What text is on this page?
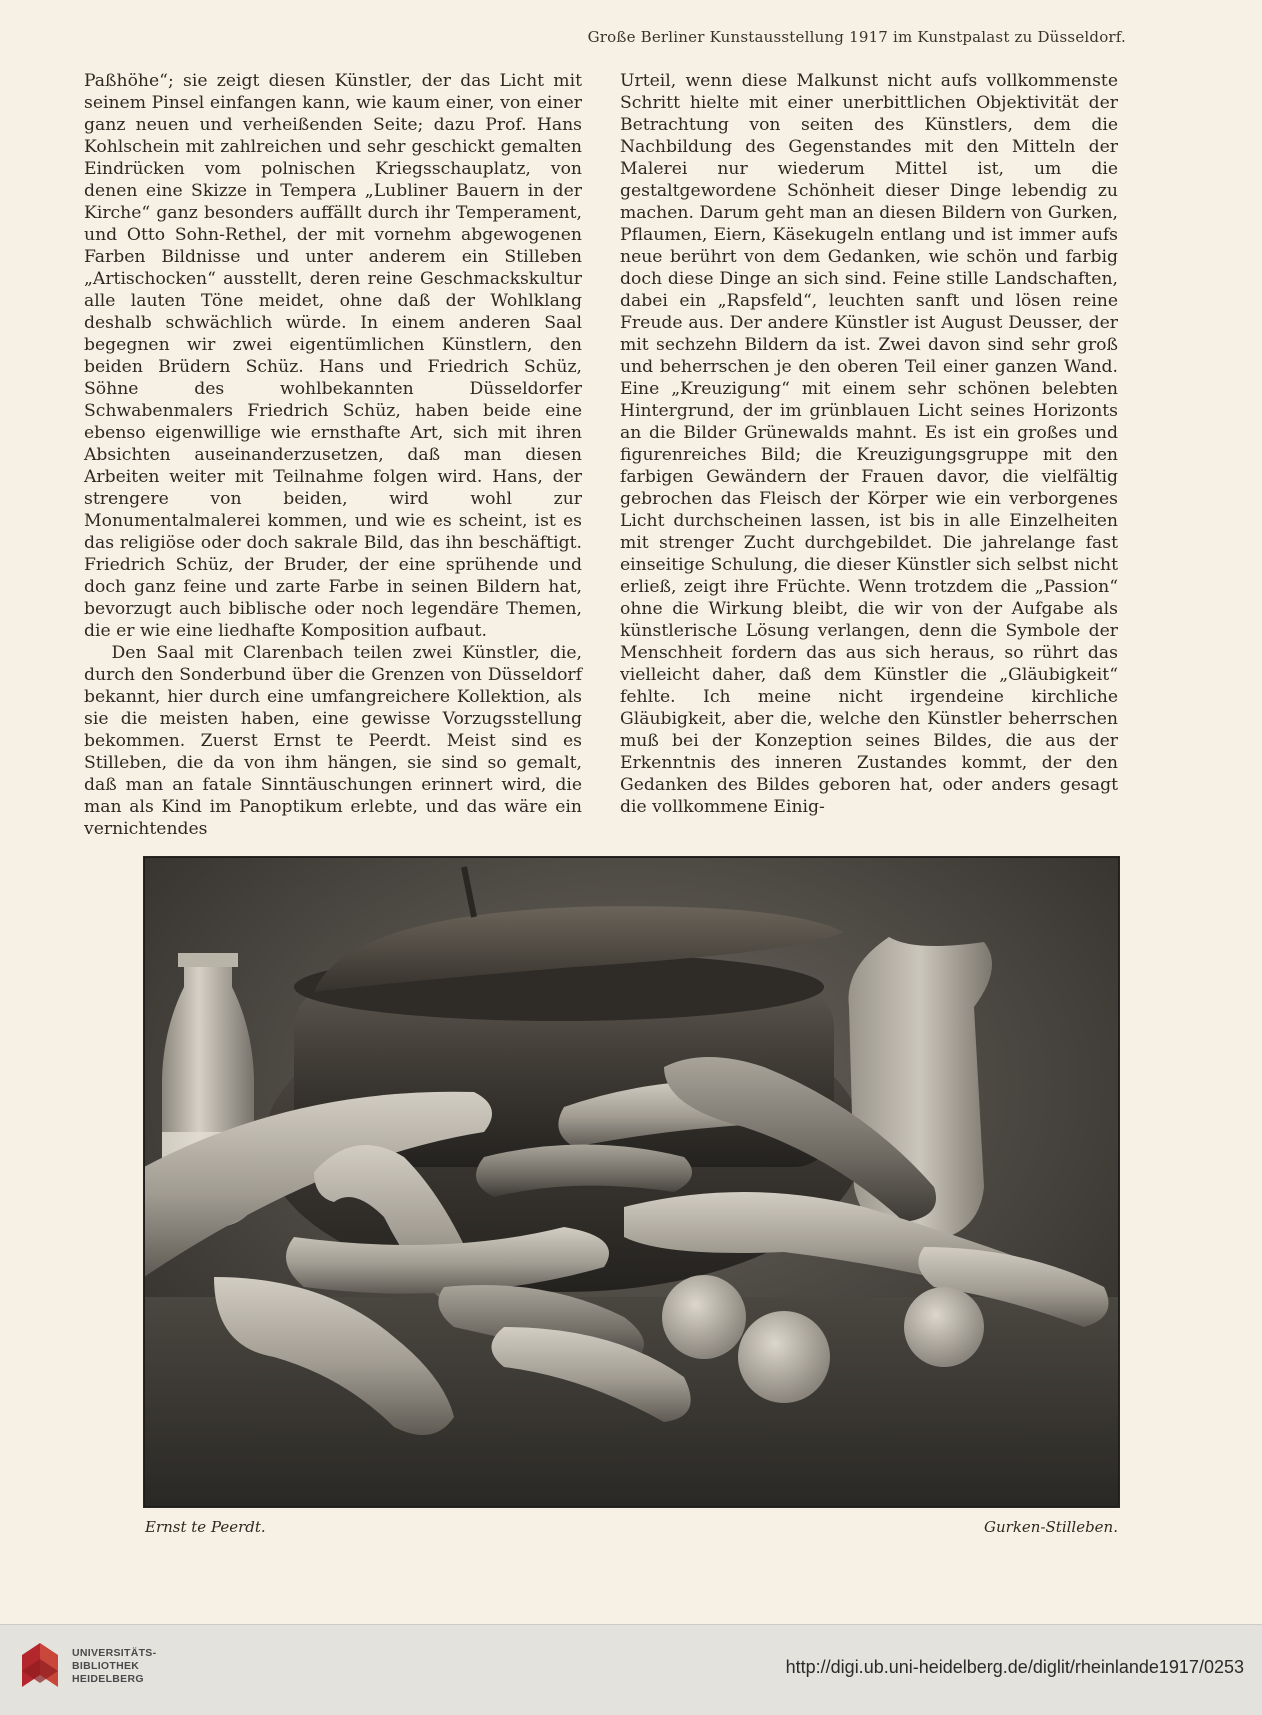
Große Berliner Kunstausstellung 1917 im Kunstpalast zu Düsseldorf.

Paßhöhe“; sie zeigt diesen Künstler, der das Licht mit seinem Pinsel einfangen kann, wie kaum einer, von einer ganz neuen und verheißenden Seite; dazu Prof. Hans Kohlschein mit zahlreichen und sehr geschickt gemalten Eindrücken vom polnischen Kriegsschauplatz, von denen eine Skizze in Tempera „Lubliner Bauern in der Kirche“ ganz besonders auffällt durch ihr Temperament, und Otto Sohn-Rethel, der mit vornehm abgewogenen Farben Bildnisse und unter anderem ein Stilleben „Artischocken“ ausstellt, deren reine Geschmackskultur alle lauten Töne meidet, ohne daß der Wohlklang deshalb schwächlich würde. In einem anderen Saal begegnen wir zwei eigentümlichen Künstlern, den beiden Brüdern Schüz. Hans und Friedrich Schüz, Söhne des wohlbekannten Düsseldorfer Schwabenmalers Friedrich Schüz, haben beide eine ebenso eigenwillige wie ernsthafte Art, sich mit ihren Absichten auseinanderzusetzen, daß man diesen Arbeiten weiter mit Teilnahme folgen wird. Hans, der strengere von beiden, wird wohl zur Monumentalmalerei kommen, und wie es scheint, ist es das religiöse oder doch sakrale Bild, das ihn beschäftigt. Friedrich Schüz, der Bruder, der eine sprühende und doch ganz feine und zarte Farbe in seinen Bildern hat, bevorzugt auch biblische oder noch legendäre Themen, die er wie eine liedhafte Komposition aufbaut.

Den Saal mit Clarenbach teilen zwei Künstler, die, durch den Sonderbund über die Grenzen von Düsseldorf bekannt, hier durch eine umfangreichere Kollektion, als sie die meisten haben, eine gewisse Vorzugsstellung bekommen. Zuerst Ernst te Peerdt. Meist sind es Stilleben, die da von ihm hängen, sie sind so gemalt, daß man an fatale Sinntäuschungen erinnert wird, die man als Kind im Panoptikum erlebte, und das wäre ein vernichtendes

Urteil, wenn diese Malkunst nicht aufs vollkommenste Schritt hielte mit einer unerbittlichen Objektivität der Betrachtung von seiten des Künstlers, dem die Nachbildung des Gegenstandes mit den Mitteln der Malerei nur wiederum Mittel ist, um die gestaltgewordene Schönheit dieser Dinge lebendig zu machen. Darum geht man an diesen Bildern von Gurken, Pflaumen, Eiern, Käsekugeln entlang und ist immer aufs neue berührt von dem Gedanken, wie schön und farbig doch diese Dinge an sich sind. Feine stille Landschaften, dabei ein „Rapsfeld“, leuchten sanft und lösen reine Freude aus. Der andere Künstler ist August Deusser, der mit sechzehn Bildern da ist. Zwei davon sind sehr groß und beherrschen je den oberen Teil einer ganzen Wand. Eine „Kreuzigung“ mit einem sehr schönen belebten Hintergrund, der im grünblauen Licht seines Horizonts an die Bilder Grünewalds mahnt. Es ist ein großes und figurenreiches Bild; die Kreuzigungsgruppe mit den farbigen Gewändern der Frauen davor, die vielfältig gebrochen das Fleisch der Körper wie ein verborgenes Licht durchscheinen lassen, ist bis in alle Einzelheiten mit strenger Zucht durchgebildet. Die jahrelange fast einseitige Schulung, die dieser Künstler sich selbst nicht erließ, zeigt ihre Früchte. Wenn trotzdem die „Passion“ ohne die Wirkung bleibt, die wir von der Aufgabe als künstlerische Lösung verlangen, denn die Symbole der Menschheit fordern das aus sich heraus, so rührt das vielleicht daher, daß dem Künstler die „Gläubigkeit“ fehlte. Ich meine nicht irgendeine kirchliche Gläubigkeit, aber die, welche den Künstler beherrschen muß bei der Konzeption seines Bildes, die aus der Erkenntnis des inneren Zustandes kommt, der den Gedanken des Bildes geboren hat, oder anders gesagt die vollkommene Einig-

Ernst te Peerdt.	Gurken-Stilleben.
UNIVERSITÄTS-
BIBLIOTHEK
HEIDELBERG
http://digi.ub.uni-heidelberg.de/diglit/rheinlande1917/0253
